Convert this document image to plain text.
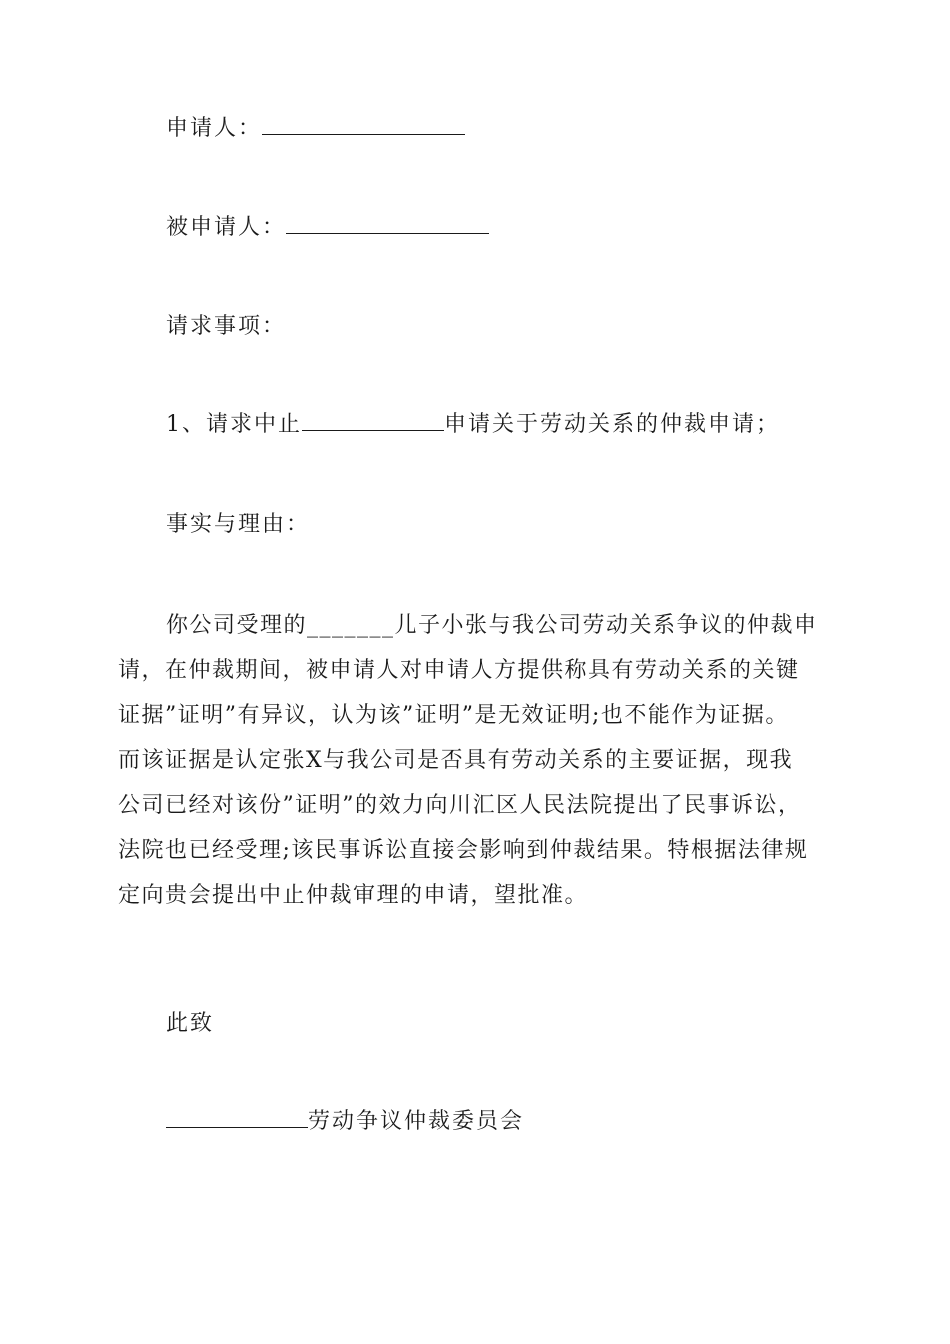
申请人：
被申请人：
请求事项：
1、请求中止	申请关于劳动关系的仲裁申请；
事实与理由：
你公司受理的_______儿子小张与我公司劳动关系争议的仲裁申
请，在仲裁期间，被申请人对申请人方提供称具有劳动关系的关键
证据”证明”有异议，认为该”证明”是无效证明;也不能作为证据。
而该证据是认定张X与我公司是否具有劳动关系的主要证据，现我
公司已经对该份”证明”的效力向川汇区人民法院提出了民事诉讼，
法院也已经受理;该民事诉讼直接会影响到仲裁结果。特根据法律规
定向贵会提出中止仲裁审理的申请，望批准。
此致
劳动争议仲裁委员会
